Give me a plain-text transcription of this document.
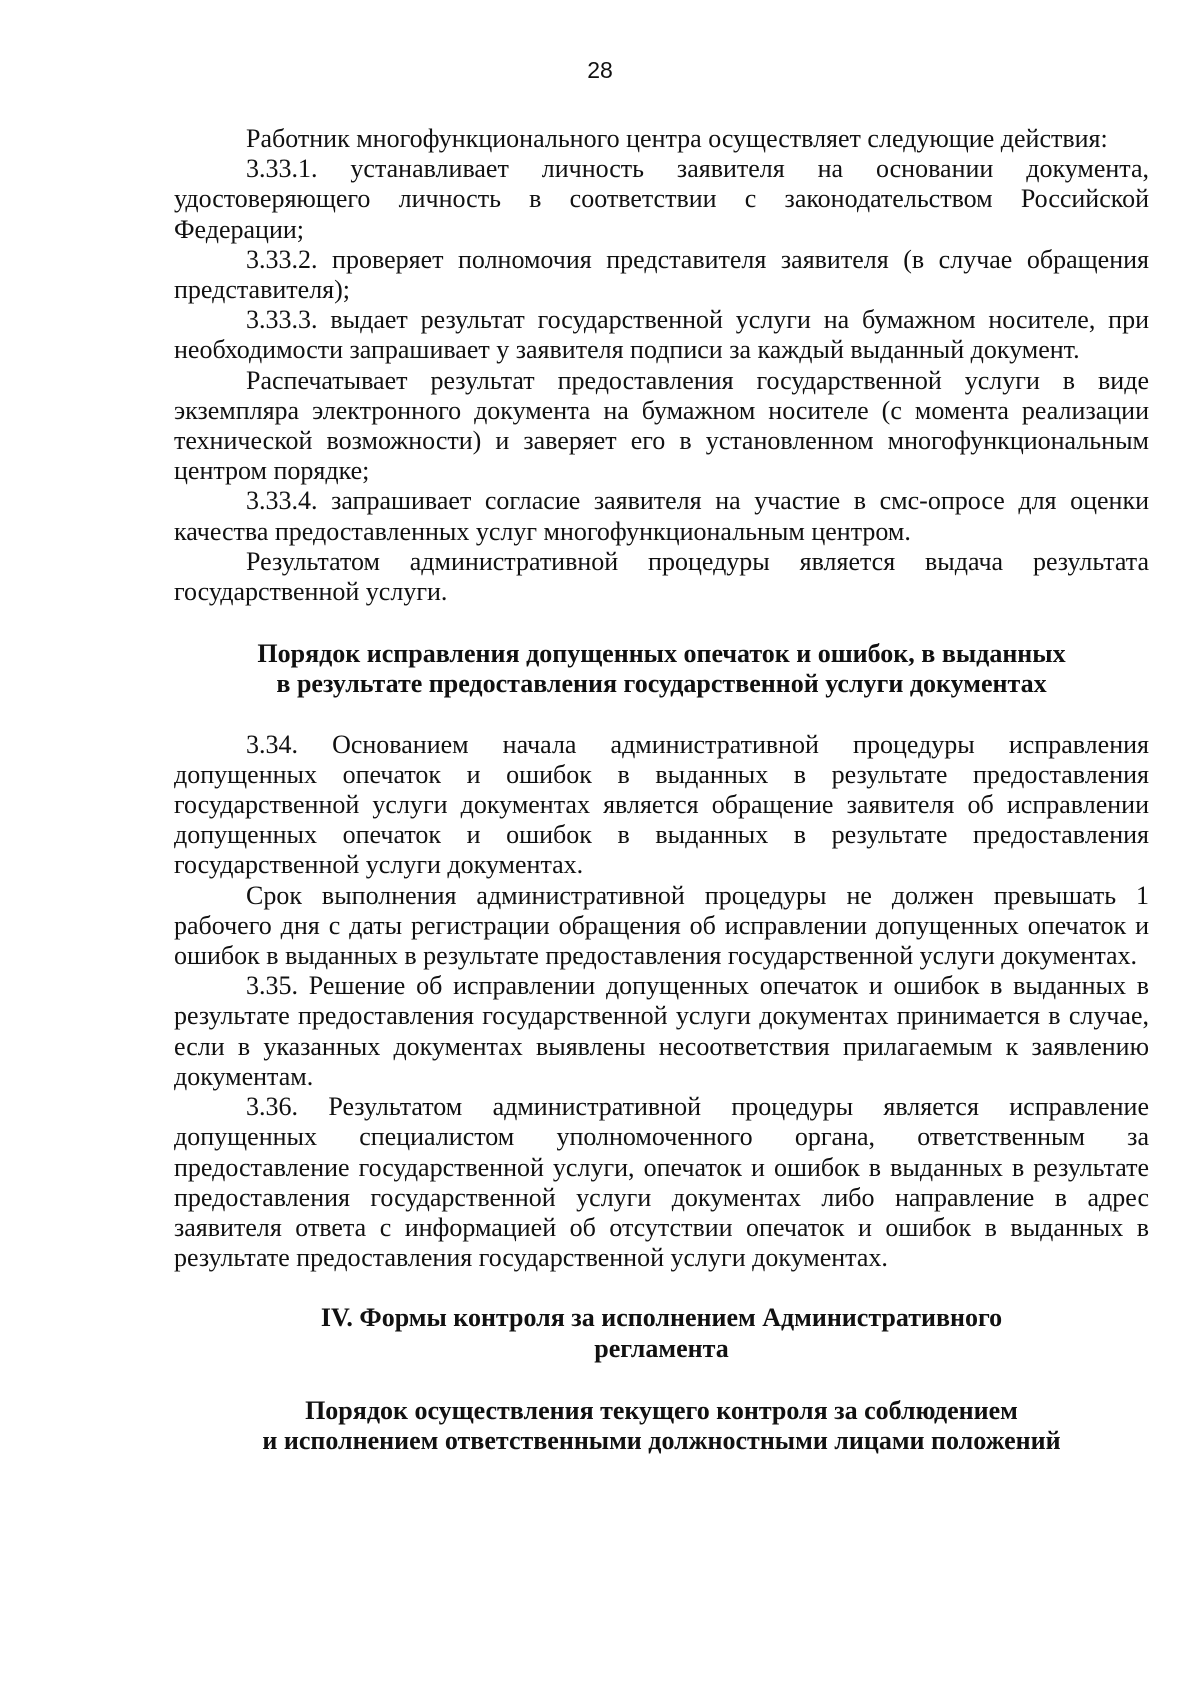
28

Работник многофункционального центра осуществляет следующие действия:

3.33.1. устанавливает личность заявителя на основании документа, удостоверяющего личность в соответствии с законодательством Российской Федерации;

3.33.2. проверяет полномочия представителя заявителя (в случае обращения представителя);

3.33.3. выдает результат государственной услуги на бумажном носителе, при необходимости запрашивает у заявителя подписи за каждый выданный документ.

Распечатывает результат предоставления государственной услуги в виде экземпляра электронного документа на бумажном носителе (с момента реализации технической возможности) и заверяет его в установленном многофункциональным центром порядке;

3.33.4. запрашивает согласие заявителя на участие в смс-опросе для оценки качества предоставленных услуг многофункциональным центром.

Результатом административной процедуры является выдача результата государственной услуги.

Порядок исправления допущенных опечаток и ошибок, в выданных
в результате предоставления государственной услуги документах

3.34. Основанием начала административной процедуры исправления допущенных опечаток и ошибок в выданных в результате предоставления государственной услуги документах является обращение заявителя об исправлении допущенных опечаток и ошибок в выданных в результате предоставления государственной услуги документах.

Срок выполнения административной процедуры не должен превышать 1 рабочего дня с даты регистрации обращения об исправлении допущенных опечаток и ошибок в выданных в результате предоставления государственной услуги документах.

3.35. Решение об исправлении допущенных опечаток и ошибок в выданных в результате предоставления государственной услуги документах принимается в случае, если в указанных документах выявлены несоответствия прилагаемым к заявлению документам.

3.36. Результатом административной процедуры является исправление допущенных специалистом уполномоченного органа, ответственным за предоставление государственной услуги, опечаток и ошибок в выданных в результате предоставления государственной услуги документах либо направление в адрес заявителя ответа с информацией об отсутствии опечаток и ошибок в выданных в результате предоставления государственной услуги документах.

IV. Формы контроля за исполнением Административного
регламента
Порядок осуществления текущего контроля за соблюдением
и исполнением ответственными должностными лицами положений
